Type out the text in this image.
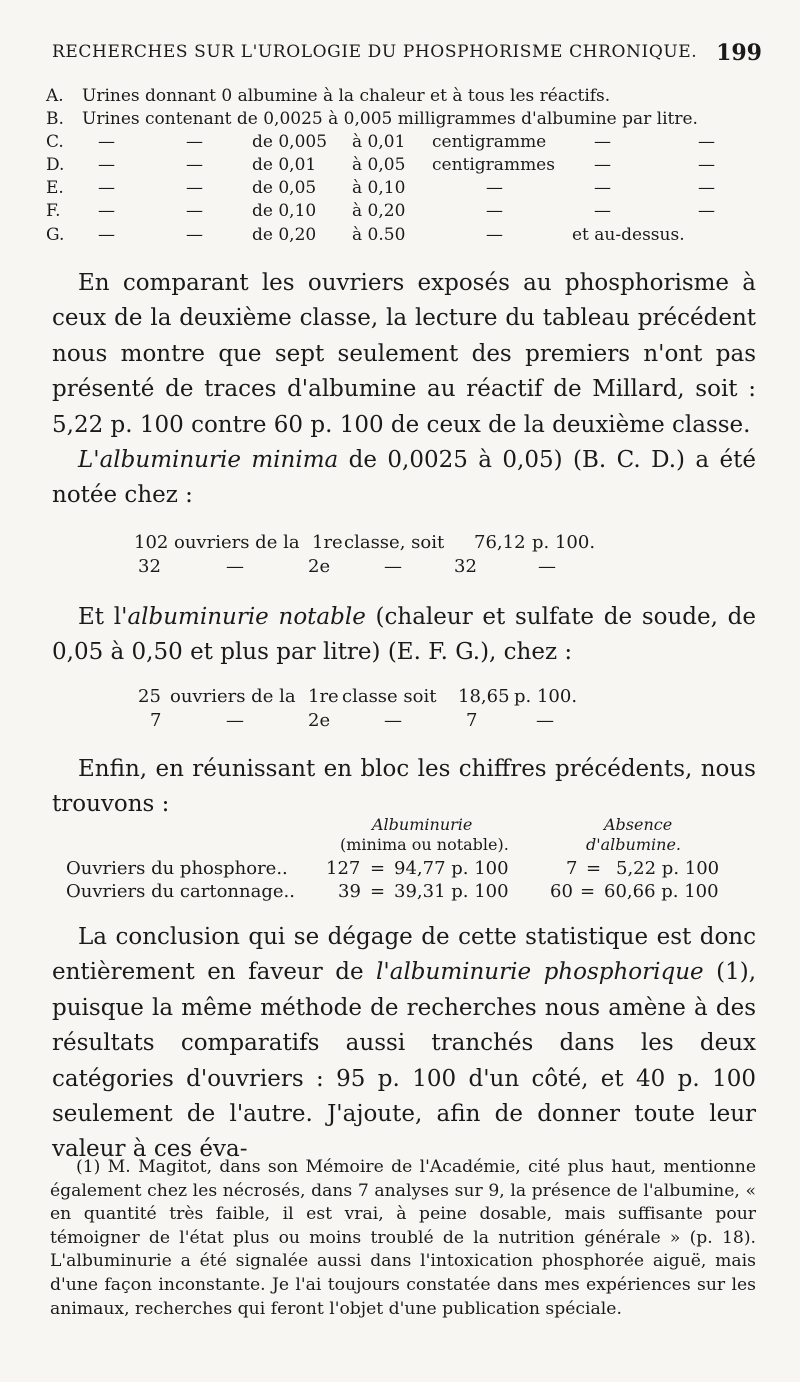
RECHERCHES SUR L'UROLOGIE DU PHOSPHORISME CHRONIQUE. 199
A. Urines donnant 0 albumine à la chaleur et à tous les réactifs.
B. Urines contenant de 0,0025 à 0,005 milligrammes d'albumine par litre.
C. —	—	de 0,005 à 0,01 centigramme	—	—
D. —	—	de 0,01 à 0,05 centigrammes —	—
E. —	—	de 0,05 à 0,10	—	—	—
F. —	—	de 0,10 à 0,20	—	—	—
G. —	—	de 0,20 à 0.50	—	et au-dessus.

En comparant les ouvriers exposés au phosphorisme à ceux de la deuxième classe, la lecture du tableau précédent nous montre que sept seulement des premiers n'ont pas présenté de traces d'albumine au réactif de Millard, soit : 5,22 p. 100 contre 60 p. 100 de ceux de la deuxième classe.

L'albuminurie minima de 0,0025 à 0,05) (B. C. D.) a été notée chez :

102 ouvriers de la 1re classe, soit 76,12 p. 100.
32	—	2e	—	32	—

Et l'albuminurie notable (chaleur et sulfate de soude, de 0,05 à 0,50 et plus par litre) (E. F. G.), chez :

25 ouvriers de la 1re classe soit 18,65 p. 100.
7	—	2e	—	7	—

Enfin, en réunissant en bloc les chiffres précédents, nous trouvons :

Albuminurie	Absence
(minima ou notable).	d'albumine.
Ouvriers du phosphore.. 127 = 94,77 p. 100	7 = 5,22 p. 100
Ouvriers du cartonnage.. 39 = 39,31 p. 100 60 = 60,66 p. 100

La conclusion qui se dégage de cette statistique est donc entièrement en faveur de l'albuminurie phosphorique (1), puisque la même méthode de recherches nous amène à des résultats comparatifs aussi tranchés dans les deux catégories d'ouvriers : 95 p. 100 d'un côté, et 40 p. 100 seulement de l'autre. J'ajoute, afin de donner toute leur valeur à ces éva-

(1) M. Magitot, dans son Mémoire de l'Académie, cité plus haut, mentionne également chez les nécrosés, dans 7 analyses sur 9, la présence de l'albumine, « en quantité très faible, il est vrai, à peine dosable, mais suffisante pour témoigner de l'état plus ou moins troublé de la nutrition générale » (p. 18). L'albuminurie a été signalée aussi dans l'intoxication phosphorée aiguë, mais d'une façon inconstante. Je l'ai toujours constatée dans mes expériences sur les animaux, recherches qui feront l'objet d'une publication spéciale.
